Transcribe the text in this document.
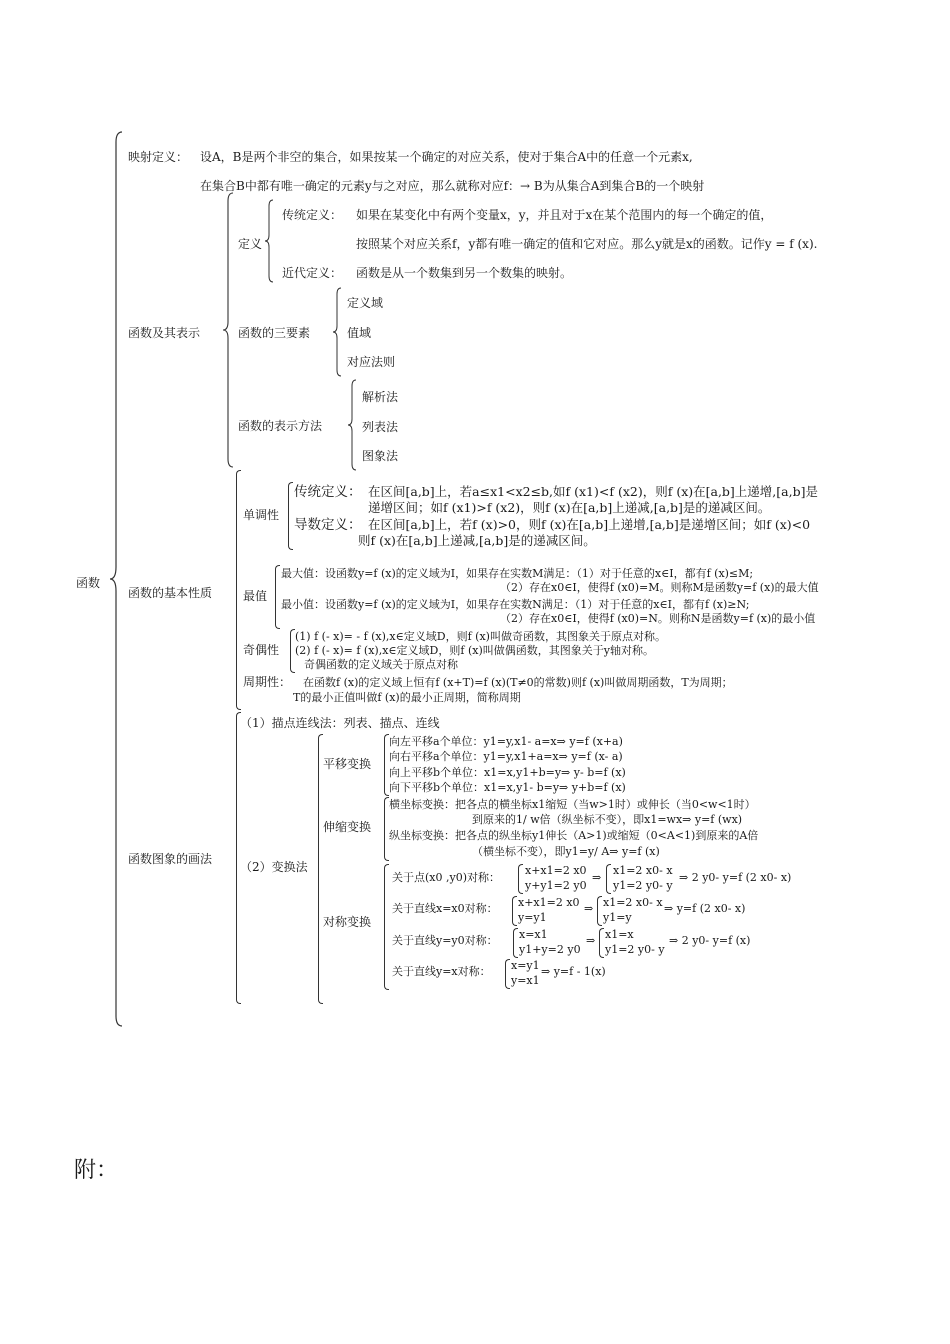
函数
映射定义： 设A，B是两个非空的集合，如果按某一个确定的对应关系，使对于集合A中的任意一个元素x,
在集合B中都有唯一确定的元素y与之对应，那么就称对应f：→ B为从集合A到集合B的一个映射
函数及其表示
定义
传统定义： 如果在某变化中有两个变量x，y，并且对于x在某个范围内的每一个确定的值，
按照某个对应关系f，y都有唯一确定的值和它对应。那么y就是x的函数。记作y = f (x).
近代定义： 函数是从一个数集到另一个数集的映射。
函数的三要素
定义域
值域
对应法则
函数的表示方法
解析法
列表法
图象法
函数的基本性质
单调性
传统定义： 在区间[a,b]上，若a≤x1<x2≤b,如f (x1)<f (x2)，则f (x)在[a,b]上递增,[a,b]是
递增区间；如f (x1)>f (x2)，则f (x)在[a,b]上递减,[a,b]是的递减区间。
导数定义： 在区间[a,b]上，若f (x)>0，则f (x)在[a,b]上递增,[a,b]是递增区间；如f (x)<0
则f (x)在[a,b]上递减,[a,b]是的递减区间。
最值
最大值：设函数y=f (x)的定义域为I，如果存在实数M满足：（1）对于任意的x∈I，都有f (x)≤M;
（2）存在x0∈I，使得f (x0)=M。则称M是函数y=f (x)的最大值
最小值：设函数y=f (x)的定义域为I，如果存在实数N满足：（1）对于任意的x∈I，都有f (x)≥N;
（2）存在x0∈I，使得f (x0)=N。则称N是函数y=f (x)的最小值
奇偶性
(1) f (- x)= - f (x),x∈定义域D，则f (x)叫做奇函数，其图象关于原点对称。
(2) f (- x)= f (x),x∈定义域D，则f (x)叫做偶函数，其图象关于y轴对称。
奇偶函数的定义域关于原点对称
周期性： 在函数f (x)的定义域上恒有f (x+T)=f (x)(T≠0的常数)则f (x)叫做周期函数，T为周期；
T的最小正值叫做f (x)的最小正周期，简称周期
函数图象的画法
（1）描点连线法：列表、描点、连线
（2）变换法
平移变换
向左平移a个单位：y1=y,x1- a=x⇒ y=f (x+a)
向右平移a个单位：y1=y,x1+a=x⇒ y=f (x- a)
向上平移b个单位：x1=x,y1+b=y⇒ y- b=f (x)
向下平移b个单位：x1=x,y1- b=y⇒ y+b=f (x)
伸缩变换
横坐标变换：把各点的横坐标x1缩短（当w>1时）或伸长（当0<w<1时）
到原来的1/ w倍（纵坐标不变），即x1=wx⇒ y=f (wx)
纵坐标变换：把各点的纵坐标y1伸长（A>1)或缩短（0<A<1)到原来的A倍
（横坐标不变），即y1=y/ A⇒ y=f (x)
对称变换
关于点(x0 ,y0)对称：
x+x1=2 x0
y+y1=2 y0
⇒
x1=2 x0- x
y1=2 y0- y
⇒ 2 y0- y=f (2 x0- x)
关于直线x=x0对称： x+x1=2 x0
y=y1
⇒ x1=2 x0- x
y1=y
⇒ y=f (2 x0- x)
关于直线y=y0对称： x=x1
y1+y=2 y0
⇒ x1=x
y1=2 y0- y
⇒ 2 y0- y=f (x)
关于直线y=x对称： x=y1
y=x1
⇒ y=f - 1(x)
附：
